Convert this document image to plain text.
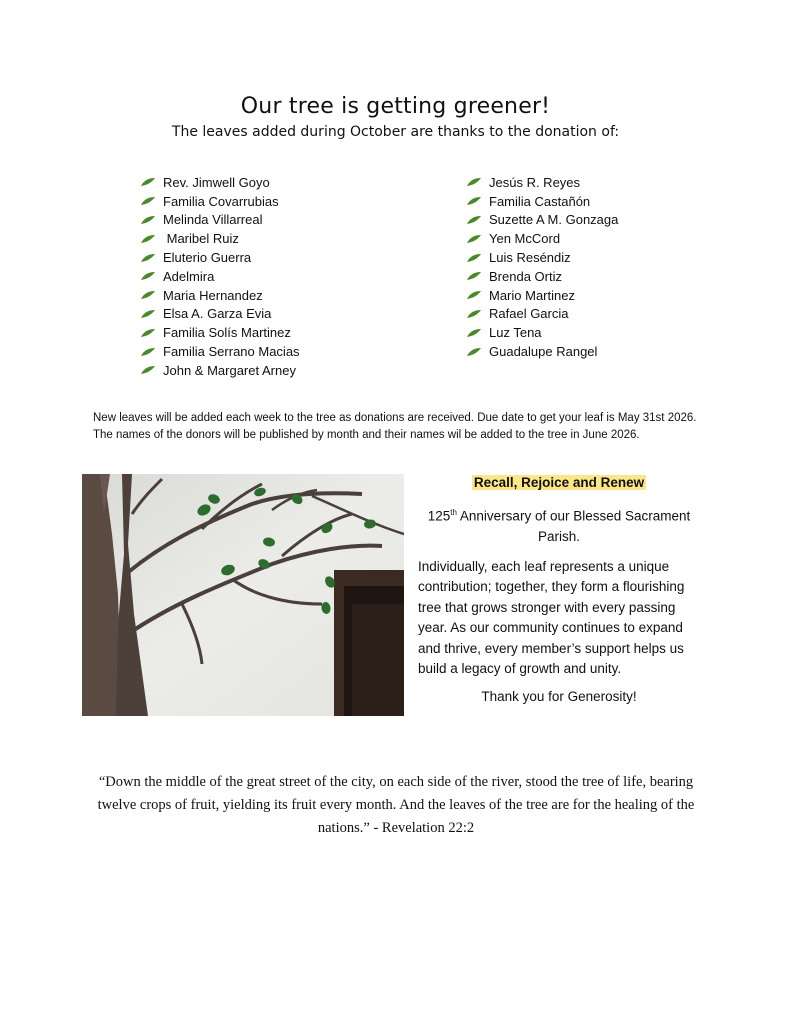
Our tree is getting greener!
The leaves added during October are thanks to the donation of:
Rev. Jimwell Goyo
Familia Covarrubias
Melinda Villarreal
Maribel Ruiz
Eluterio Guerra
Adelmira
Maria Hernandez
Elsa A. Garza Evia
Familia Solís Martinez
Familia Serrano Macias
John & Margaret Arney
Jesús R. Reyes
Familia Castañón
Suzette A M. Gonzaga
Yen McCord
Luis Reséndiz
Brenda Ortiz
Mario Martinez
Rafael Garcia
Luz Tena
Guadalupe Rangel
New leaves will be added each week to the tree as donations are received. Due date to get your leaf is May 31st 2026. The names of the donors will be published by month and their names wil be added to the tree in June 2026.
Recall, Rejoice and Renew
125th Anniversary of our Blessed Sacrament Parish.
Individually, each leaf represents a unique contribution; together, they form a flourishing tree that grows stronger with every passing year. As our community continues to expand and thrive, every member’s support helps us build a legacy of growth and unity.
Thank you for Generosity!
“Down the middle of the great street of the city, on each side of the river, stood the tree of life, bearing twelve crops of fruit, yielding its fruit every month. And the leaves of the tree are for the healing of the nations.” - Revelation 22:2
